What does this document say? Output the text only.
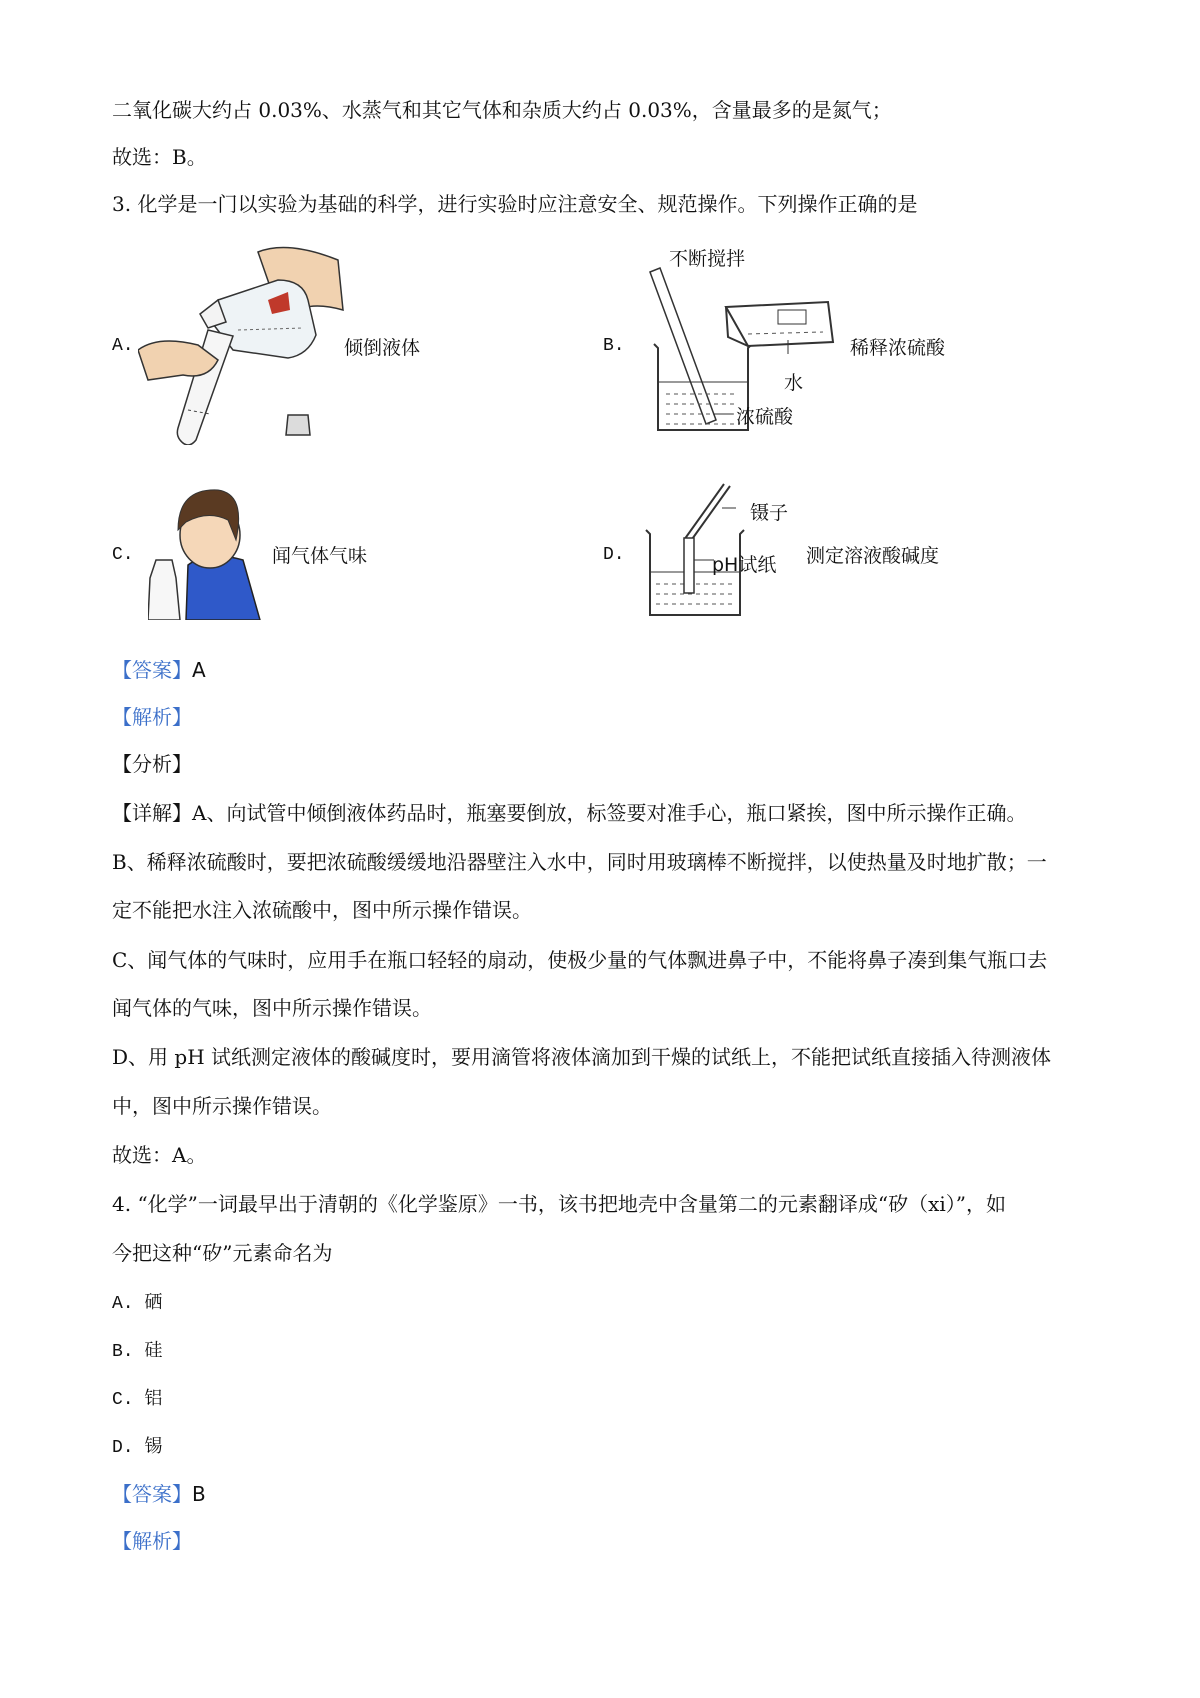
二氧化碳大约占 0.03%、水蒸气和其它气体和杂质大约占 0.03%，含量最多的是氮气；
故选：B。
3. 化学是一门以实验为基础的科学，进行实验时应注意安全、规范操作。下列操作正确的是
A.	倾倒液体	B.
不断搅拌
水
浓硫酸
稀释浓硫酸
C.	闻气体气味	D.
镊子
pH试纸 测定溶液酸碱度
【答案】A
【解析】
【分析】
【详解】A、向试管中倾倒液体药品时，瓶塞要倒放，标签要对准手心，瓶口紧挨，图中所示操作正确。
B、稀释浓硫酸时，要把浓硫酸缓缓地沿器壁注入水中，同时用玻璃棒不断搅拌，以使热量及时地扩散；一
定不能把水注入浓硫酸中，图中所示操作错误。
C、闻气体的气味时，应用手在瓶口轻轻的扇动，使极少量的气体飘进鼻子中，不能将鼻子凑到集气瓶口去
闻气体的气味，图中所示操作错误。
D、用 pH 试纸测定液体的酸碱度时，要用滴管将液体滴加到干燥的试纸上，不能把试纸直接插入待测液体
中，图中所示操作错误。
故选：A。
4. “化学”一词最早出于清朝的《化学鉴原》一书，该书把地壳中含量第二的元素翻译成“矽（xi）”，如
今把这种“矽”元素命名为
A. 硒
B. 硅
C. 铝
D. 锡
【答案】B
【解析】
